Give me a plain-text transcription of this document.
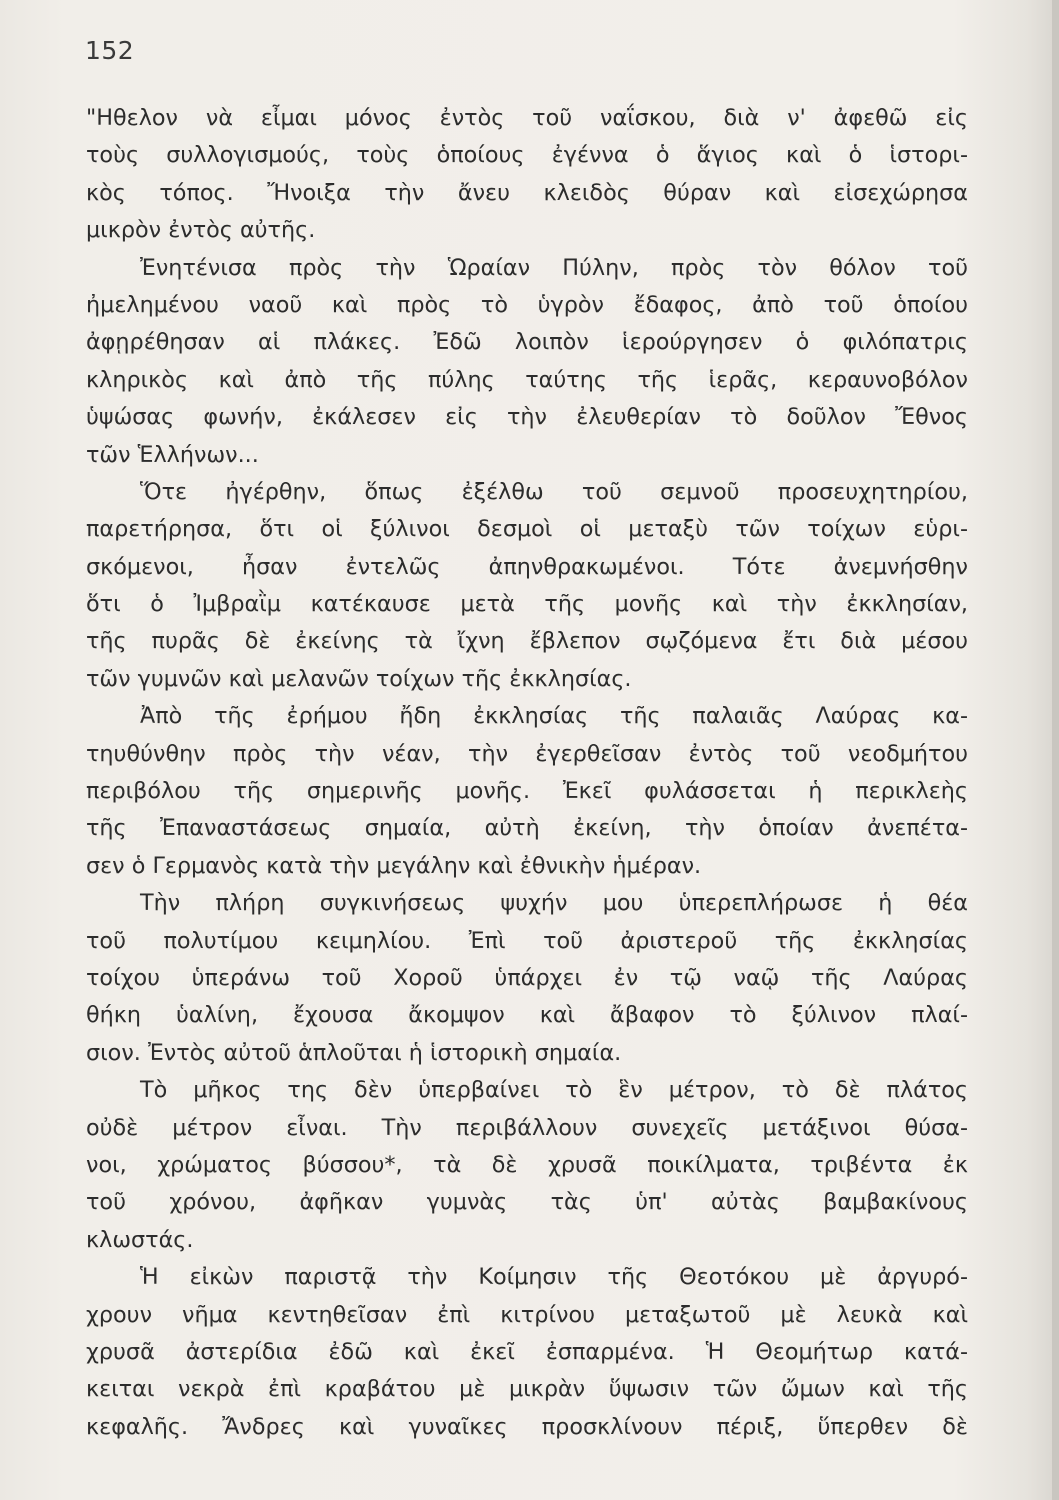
152
"Ηθελον νὰ εἶμαι μόνος ἐντὸς τοῦ ναΐσκου, διὰ ν' ἀφεθῶ εἰς
τοὺς συλλογισμούς, τοὺς ὁποίους ἐγέννα ὁ ἅγιος καὶ ὁ ἱστορι-
κὸς τόπος. Ἤνοιξα τὴν ἄνευ κλειδὸς θύραν καὶ εἰσεχώρησα
μικρὸν ἐντὸς αὐτῆς.
Ἐνητένισα πρὸς τὴν Ὡραίαν Πύλην, πρὸς τὸν θόλον τοῦ
ἠμελημένου ναοῦ καὶ πρὸς τὸ ὑγρὸν ἔδαφος, ἀπὸ τοῦ ὁποίου
ἀφῃρέθησαν αἱ πλάκες. Ἐδῶ λοιπὸν ἱερούργησεν ὁ φιλόπατρις
κληρικὸς καὶ ἀπὸ τῆς πύλης ταύτης τῆς ἱερᾶς, κεραυνοβόλον
ὑψώσας φωνήν, ἐκάλεσεν εἰς τὴν ἐλευθερίαν τὸ δοῦλον Ἔθνος
τῶν Ἑλλήνων...
Ὅτε ἠγέρθην, ὅπως ἐξέλθω τοῦ σεμνοῦ προσευχητηρίου,
παρετήρησα, ὅτι οἱ ξύλινοι δεσμοὶ οἱ μεταξὺ τῶν τοίχων εὑρι-
σκόμενοι, ἦσαν ἐντελῶς ἀπηνθρακωμένοι. Τότε ἀνεμνήσθην
ὅτι ὁ Ἰμβραῒμ κατέκαυσε μετὰ τῆς μονῆς καὶ τὴν ἐκκλησίαν,
τῆς πυρᾶς δὲ ἐκείνης τὰ ἴχνη ἔβλεπον σῳζόμενα ἔτι διὰ μέσου
τῶν γυμνῶν καὶ μελανῶν τοίχων τῆς ἐκκλησίας.
Ἀπὸ τῆς ἐρήμου ἤδη ἐκκλησίας τῆς παλαιᾶς Λαύρας κα-
τηυθύνθην πρὸς τὴν νέαν, τὴν ἐγερθεῖσαν ἐντὸς τοῦ νεοδμήτου
περιβόλου τῆς σημερινῆς μονῆς. Ἐκεῖ φυλάσσεται ἡ περικλεὴς
τῆς Ἐπαναστάσεως σημαία, αὐτὴ ἐκείνη, τὴν ὁποίαν ἀνεπέτα-
σεν ὁ Γερμανὸς κατὰ τὴν μεγάλην καὶ ἐθνικὴν ἡμέραν.
Τὴν πλήρη συγκινήσεως ψυχήν μου ὑπερεπλήρωσε ἡ θέα
τοῦ πολυτίμου κειμηλίου. Ἐπὶ τοῦ ἀριστεροῦ τῆς ἐκκλησίας
τοίχου ὑπεράνω τοῦ Χοροῦ ὑπάρχει ἐν τῷ ναῷ τῆς Λαύρας
θήκη ὑαλίνη, ἔχουσα ἄκομψον καὶ ἄβαφον τὸ ξύλινον πλαί-
σιον. Ἐντὸς αὐτοῦ ἁπλοῦται ἡ ἱστορικὴ σημαία.
Τὸ μῆκος της δὲν ὑπερβαίνει τὸ ἓν μέτρον, τὸ δὲ πλάτος
οὐδὲ μέτρον εἶναι. Τὴν περιβάλλουν συνεχεῖς μετάξινοι θύσα-
νοι, χρώματος βύσσου*, τὰ δὲ χρυσᾶ ποικίλματα, τριβέντα ἐκ
τοῦ χρόνου, ἀφῆκαν γυμνὰς τὰς ὑπ' αὐτὰς βαμβακίνους
κλωστάς.
Ἡ εἰκὼν παριστᾷ τὴν Κοίμησιν τῆς Θεοτόκου μὲ ἀργυρό-
χρουν νῆμα κεντηθεῖσαν ἐπὶ κιτρίνου μεταξωτοῦ μὲ λευκὰ καὶ
χρυσᾶ ἀστερίδια ἐδῶ καὶ ἐκεῖ ἐσπαρμένα. Ἡ Θεομήτωρ κατά-
κειται νεκρὰ ἐπὶ κραβάτου μὲ μικρὰν ὕψωσιν τῶν ὤμων καὶ τῆς
κεφαλῆς. Ἄνδρες καὶ γυναῖκες προσκλίνουν πέριξ, ὕπερθεν δὲ
